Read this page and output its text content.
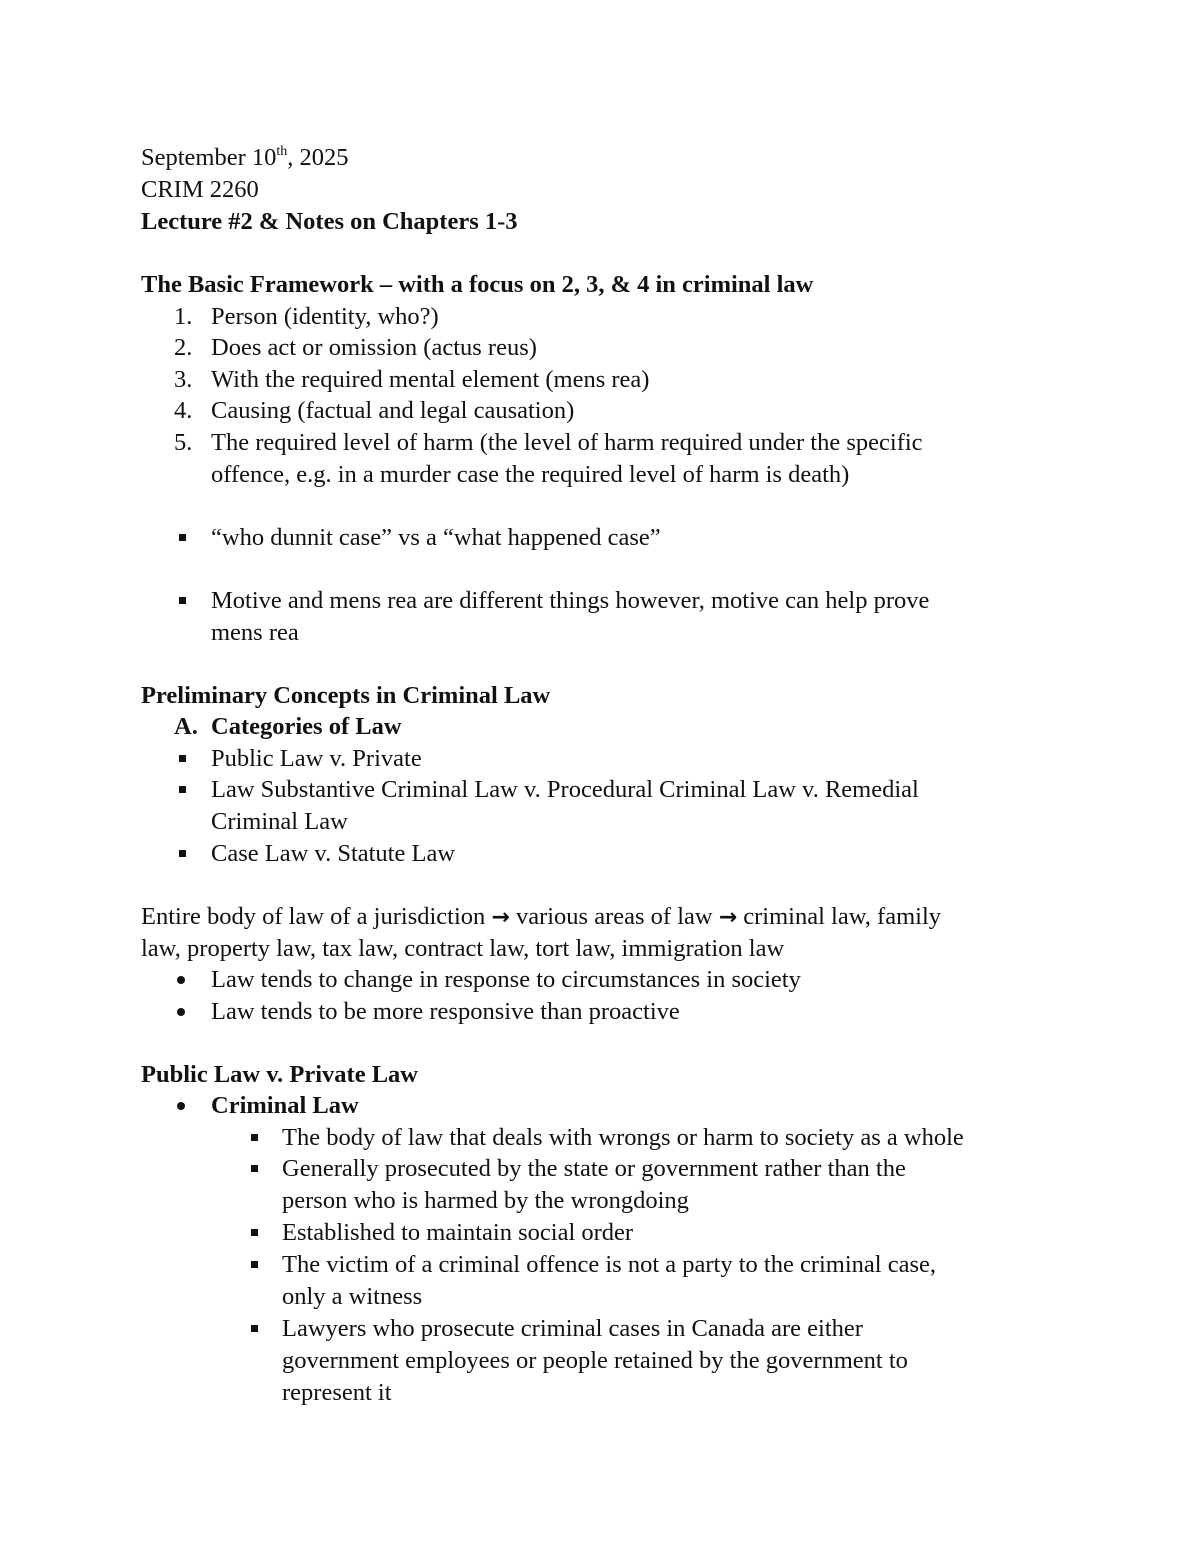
September 10th, 2025
CRIM 2260
Lecture #2 & Notes on Chapters 1-3
The Basic Framework – with a focus on 2, 3, & 4 in criminal law
1. Person (identity, who?)
2. Does act or omission (actus reus)
3. With the required mental element (mens rea)
4. Causing (factual and legal causation)
5. The required level of harm (the level of harm required under the specific
offence, e.g. in a murder case the required level of harm is death)
“who dunnit case” vs a “what happened case”
Motive and mens rea are different things however, motive can help prove
mens rea
Preliminary Concepts in Criminal Law
A. Categories of Law
Public Law v. Private
Law Substantive Criminal Law v. Procedural Criminal Law v. Remedial
Criminal Law
Case Law v. Statute Law
Entire body of law of a jurisdiction → various areas of law → criminal law, family
law, property law, tax law, contract law, tort law, immigration law
Law tends to change in response to circumstances in society
Law tends to be more responsive than proactive
Public Law v. Private Law
Criminal Law
The body of law that deals with wrongs or harm to society as a whole
Generally prosecuted by the state or government rather than the
person who is harmed by the wrongdoing
Established to maintain social order
The victim of a criminal offence is not a party to the criminal case,
only a witness
Lawyers who prosecute criminal cases in Canada are either
government employees or people retained by the government to
represent it
